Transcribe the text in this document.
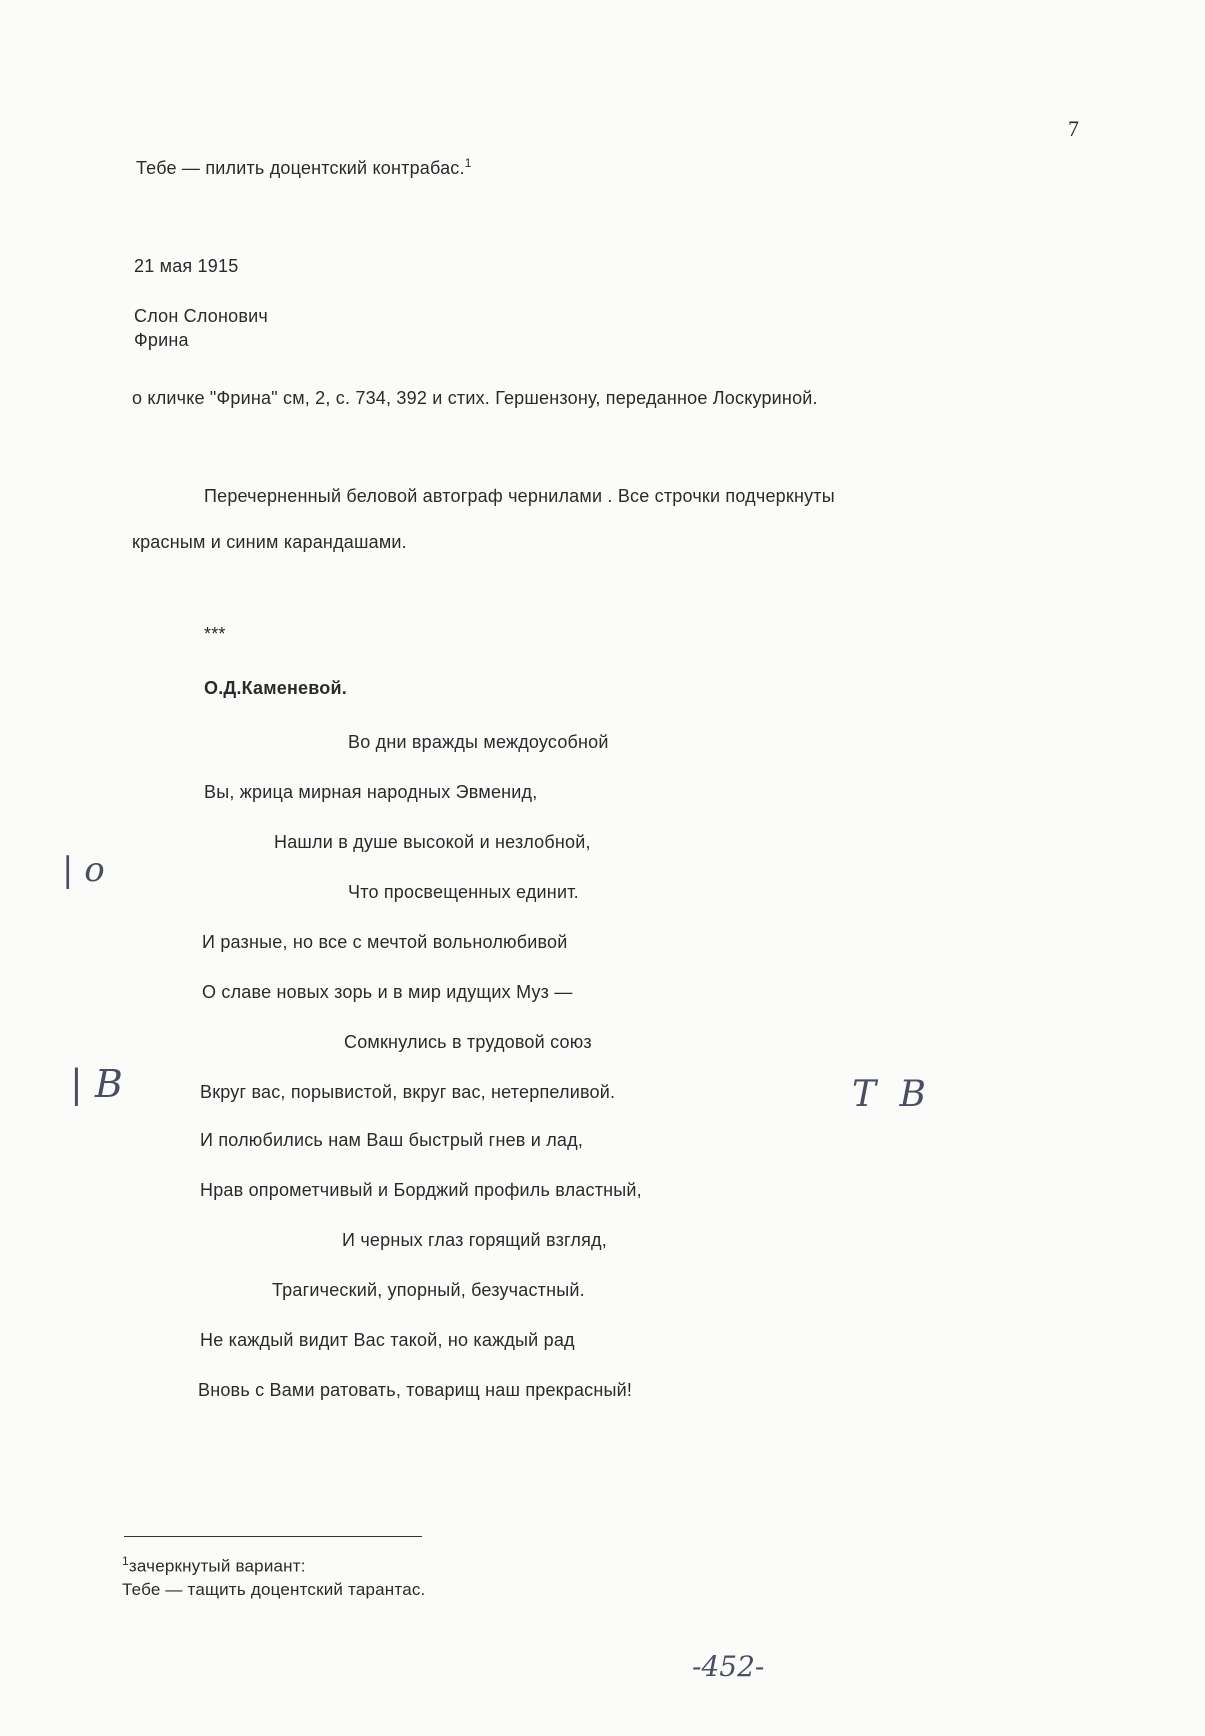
7
Тебе — пилить доцентский контрабас.$^1$
21 мая 1915
Слон Слонович
Фрина
о кличке "Фрина" см, 2, с. 734, 392 и стих. Гершензону, переданное Лоскуриной.
Перечерненный беловой автограф чернилами . Все строчки подчеркнуты
красным и синим карандашами.
***
О.Д.Каменевой.
Во дни вражды междоусобной
Вы, жрица мирная народных Эвменид,
Нашли в душе высокой и незлобной,
Что просвещенных единит.
И разные, но все с мечтой вольнолюбивой
О славе новых зорь и в мир идущих Муз —
Сомкнулись в трудовой союз
Вкруг вас, порывистой, вкруг вас, нетерпеливой.
И полюбились нам Ваш быстрый гнев и лад,
Нрав опрометчивый и Борджий профиль властный,
И черных глаз горящий взгляд,
Трагический, упорный, безучастный.
Не каждый видит Вас такой, но каждый рад
Вновь с Вами ратовать, товарищ наш прекрасный!
$^1$зачеркнутый вариант:
Тебе — тащить доцентский тарантас.
| о
| В	Т В
-452-
